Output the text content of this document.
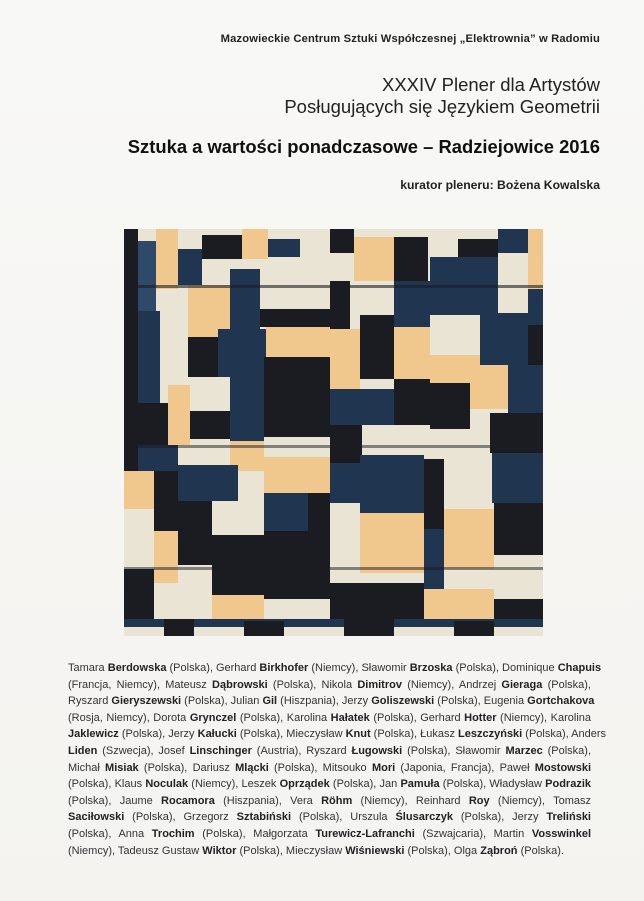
Mazowieckie Centrum Sztuki Współczesnej „Elektrownia” w Radomiu
XXXIV Plener dla Artystów
Posługujących się Językiem Geometrii
Sztuka a wartości ponadczasowe – Radziejowice 2016
kurator pleneru: Bożena Kowalska
Tamara Berdowska (Polska), Gerhard Birkhofer (Niemcy), Sławomir Brzoska (Polska), Dominique Chapuis
(Francja, Niemcy), Mateusz Dąbrowski (Polska), Nikola Dimitrov (Niemcy), Andrzej Gieraga (Polska),
Ryszard Gieryszewski (Polska), Julian Gil (Hiszpania), Jerzy Goliszewski (Polska), Eugenia Gortchakova
(Rosja, Niemcy), Dorota Grynczel (Polska), Karolina Hałatek (Polska), Gerhard Hotter (Niemcy), Karolina
Jaklewicz (Polska), Jerzy Kałucki (Polska), Mieczysław Knut (Polska), Łukasz Leszczyński (Polska), Anders
Liden (Szwecja), Josef Linschinger (Austria), Ryszard Ługowski (Polska), Sławomir Marzec (Polska),
Michał Misiak (Polska), Dariusz Mlącki (Polska), Mitsouko Mori (Japonia, Francja), Paweł Mostowski
(Polska), Klaus Noculak (Niemcy), Leszek Oprządek (Polska), Jan Pamuła (Polska), Władysław Podrazik
(Polska), Jaume Rocamora (Hiszpania), Vera Röhm (Niemcy), Reinhard Roy (Niemcy), Tomasz
Saciłowski (Polska), Grzegorz Sztabiński (Polska), Urszula Ślusarczyk (Polska), Jerzy Treliński
(Polska), Anna Trochim (Polska), Małgorzata Turewicz-Lafranchi (Szwajcaria), Martin Vosswinkel
(Niemcy), Tadeusz Gustaw Wiktor (Polska), Mieczysław Wiśniewski (Polska), Olga Ząbroń (Polska).
